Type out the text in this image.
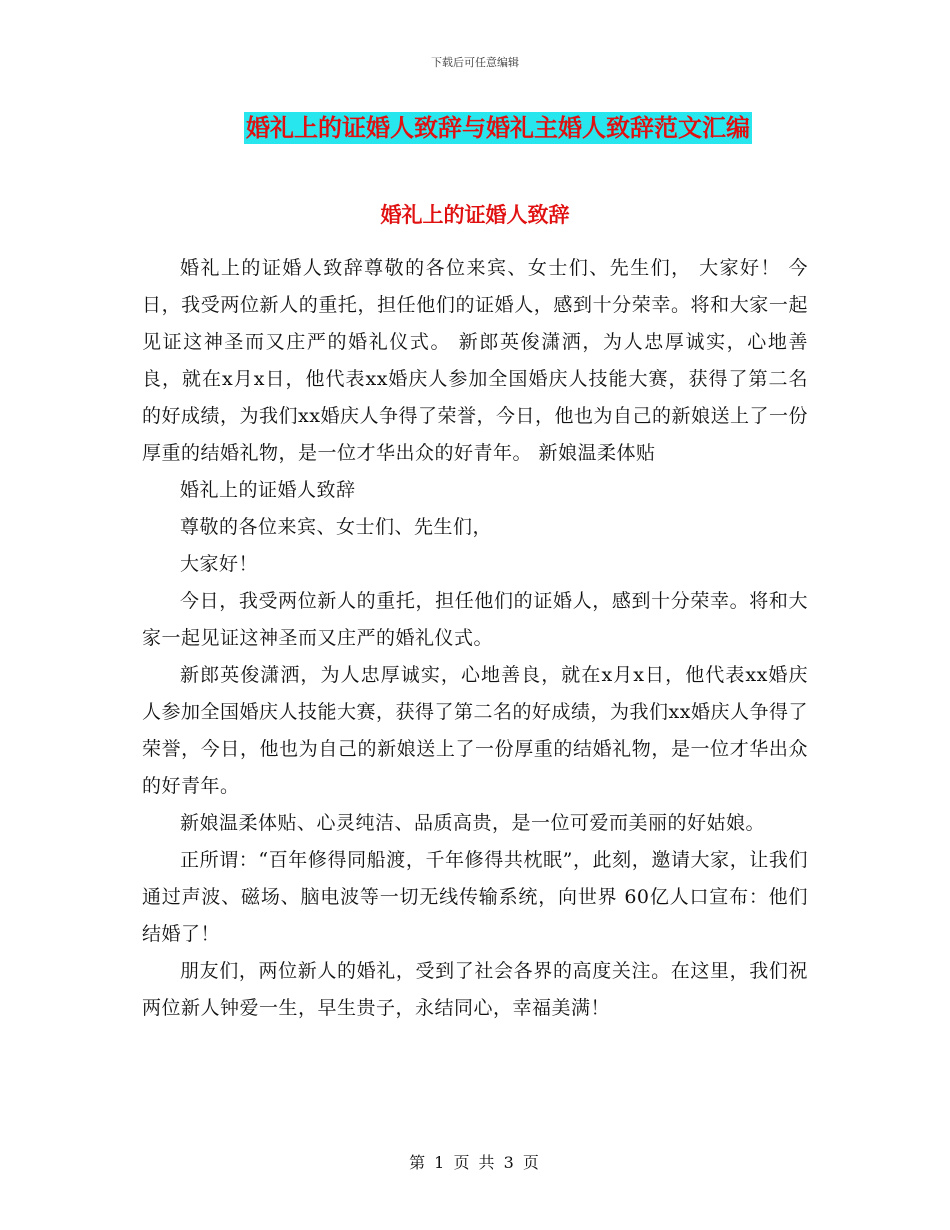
下载后可任意编辑
婚礼上的证婚人致辞与婚礼主婚人致辞范文汇编
婚礼上的证婚人致辞

婚礼上的证婚人致辞尊敬的各位来宾、女士们、先生们， 大家好！ 今日，我受两位新人的重托，担任他们的证婚人，感到十分荣幸。将和大家一起见证这神圣而又庄严的婚礼仪式。 新郎英俊潇洒，为人忠厚诚实，心地善良，就在x月x日，他代表xx婚庆人参加全国婚庆人技能大赛，获得了第二名的好成绩，为我们xx婚庆人争得了荣誉，今日，他也为自己的新娘送上了一份厚重的结婚礼物，是一位才华出众的好青年。 新娘温柔体贴

婚礼上的证婚人致辞

尊敬的各位来宾、女士们、先生们，

大家好！

今日，我受两位新人的重托，担任他们的证婚人，感到十分荣幸。将和大家一起见证这神圣而又庄严的婚礼仪式。

新郎英俊潇洒，为人忠厚诚实，心地善良，就在x月x日，他代表xx婚庆人参加全国婚庆人技能大赛，获得了第二名的好成绩，为我们xx婚庆人争得了荣誉，今日，他也为自己的新娘送上了一份厚重的结婚礼物，是一位才华出众的好青年。

新娘温柔体贴、心灵纯洁、品质高贵，是一位可爱而美丽的好姑娘。

正所谓：“百年修得同船渡，千年修得共枕眠”，此刻，邀请大家，让我们通过声波、磁场、脑电波等一切无线传输系统，向世界 60亿人口宣布：他们结婚了！

朋友们，两位新人的婚礼，受到了社会各界的高度关注。在这里，我们祝两位新人钟爱一生，早生贵子，永结同心，幸福美满！

第 1 页 共 3 页
